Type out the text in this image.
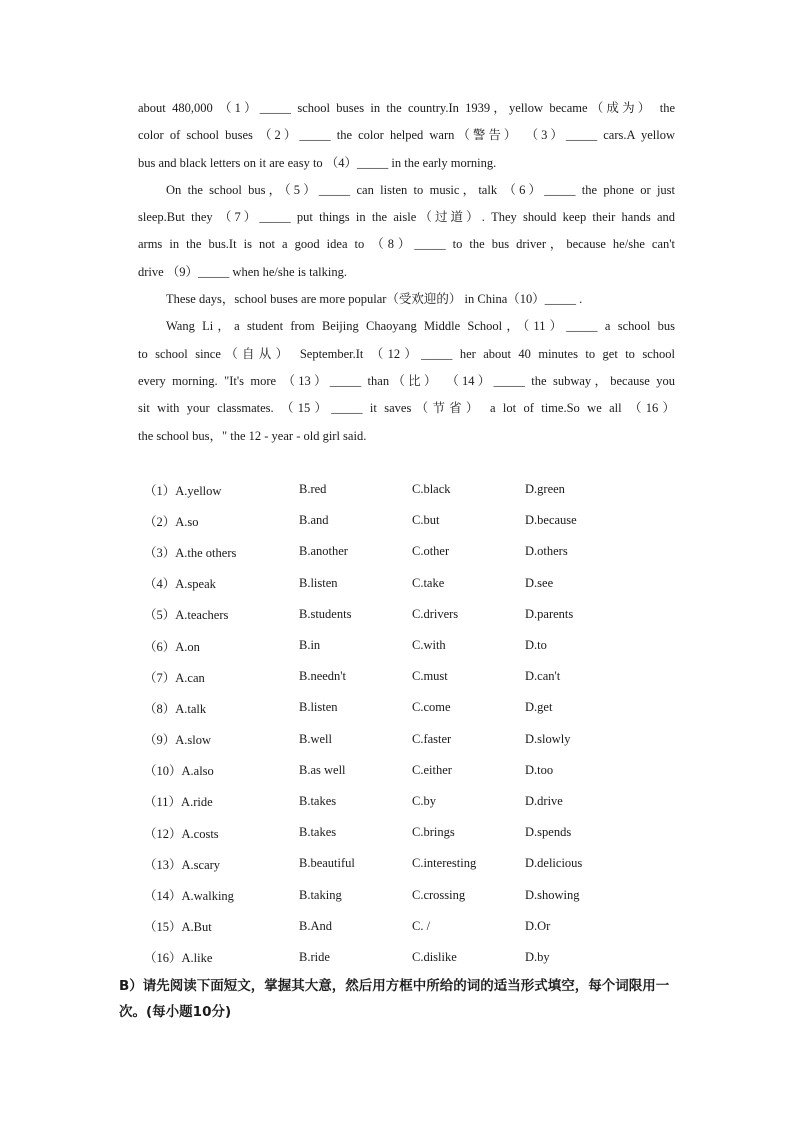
about 480,000 （1）_____ school buses in the country.In 1939，yellow became（成为） the

color of school buses （2）_____ the color helped warn（警告） （3）_____ cars.A yellow

bus and black letters on it are easy to （4）_____ in the early morning.

On the school bus，（5）_____ can listen to music，talk （6）_____ the phone or just

sleep.But they （7）_____ put things in the aisle（过道）. They should keep their hands and

arms in the bus.It is not a good idea to （8）_____ to the bus driver，because he/she can't

drive （9）_____ when he/she is talking.

These days，school buses are more popular（受欢迎的） in China（10）_____ .

Wang Li，a student from Beijing Chaoyang Middle School，（11）_____ a school bus

to school since（自从） September.It （12）_____ her about 40 minutes to get to school

every morning. "It's more （13）_____ than（比） （14）_____ the subway，because you

sit with your classmates. （15）_____ it saves（节省） a lot of time.So we all （16）

the school bus，" the 12 - year - old girl said.

（1）A.yellow	B.red	C.black	D.green
（2）A.so	B.and	C.but	D.because
（3）A.the others	B.another	C.other	D.others
（4）A.speak	B.listen	C.take	D.see
（5）A.teachers	B.students	C.drivers	D.parents
（6）A.on	B.in	C.with	D.to
（7）A.can	B.needn't	C.must	D.can't
（8）A.talk	B.listen	C.come	D.get
（9）A.slow	B.well	C.faster	D.slowly
（10）A.also	B.as well	C.either	D.too
（11）A.ride	B.takes	C.by	D.drive
（12）A.costs	B.takes	C.brings	D.spends
（13）A.scary	B.beautiful	C.interesting	D.delicious
（14）A.walking	B.taking	C.crossing	D.showing
（15）A.But	B.And	C. /	D.Or
（16）A.like	B.ride	C.dislike	D.by

B）请先阅读下面短文，掌握其大意，然后用方框中所给的词的适当形式填空，每个词限用一次。(每小题10分)
